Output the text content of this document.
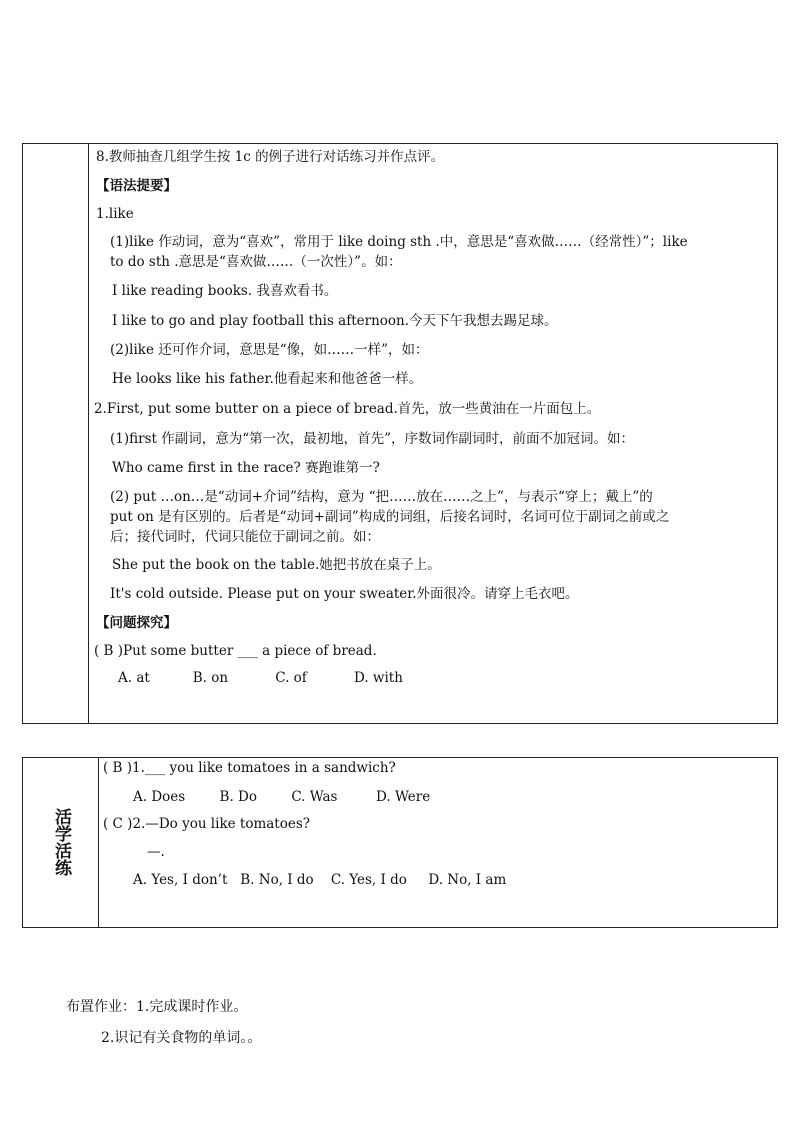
8.教师抽查几组学生按 1c 的例子进行对话练习并作点评。
【语法提要】
1.like
(1)like 作动词，意为“喜欢”，常用于 like doing sth .中，意思是“喜欢做……（经常性）”；like
to do sth .意思是“喜欢做……（一次性）”。如：
I like reading books. 我喜欢看书。
I like to go and play football this afternoon.今天下午我想去踢足球。
(2)like 还可作介词，意思是“像，如……一样”，如：
He looks like his father.他看起来和他爸爸一样。
2.First, put some butter on a piece of bread.首先，放一些黄油在一片面包上。
(1)first 作副词，意为“第一次，最初地，首先”，序数词作副词时，前面不加冠词。如：
Who came first in the race? 赛跑谁第一?
(2) put …on…是“动词+介词”结构，意为 “把……放在……之上”，与表示“穿上；戴上”的
put on 是有区别的。后者是“动词+副词”构成的词组，后接名词时，名词可位于副词之前或之
后；接代词时，代词只能位于副词之前。如：
She put the book on the table.她把书放在桌子上。
It's cold outside. Please put on your sweater.外面很冷。请穿上毛衣吧。
【问题探究】
( B )Put some butter ___ a piece of bread.
A. at          B. on           C. of           D. with
活学活练
( B )1.___ you like tomatoes in a sandwich?
A. Does        B. Do        C. Was         D. Were
( C )2.—Do you like tomatoes?
—.
A. Yes, I don’t   B. No, I do    C. Yes, I do     D. No, I am
布置作业：1.完成课时作业。
2.识记有关食物的单词。。
